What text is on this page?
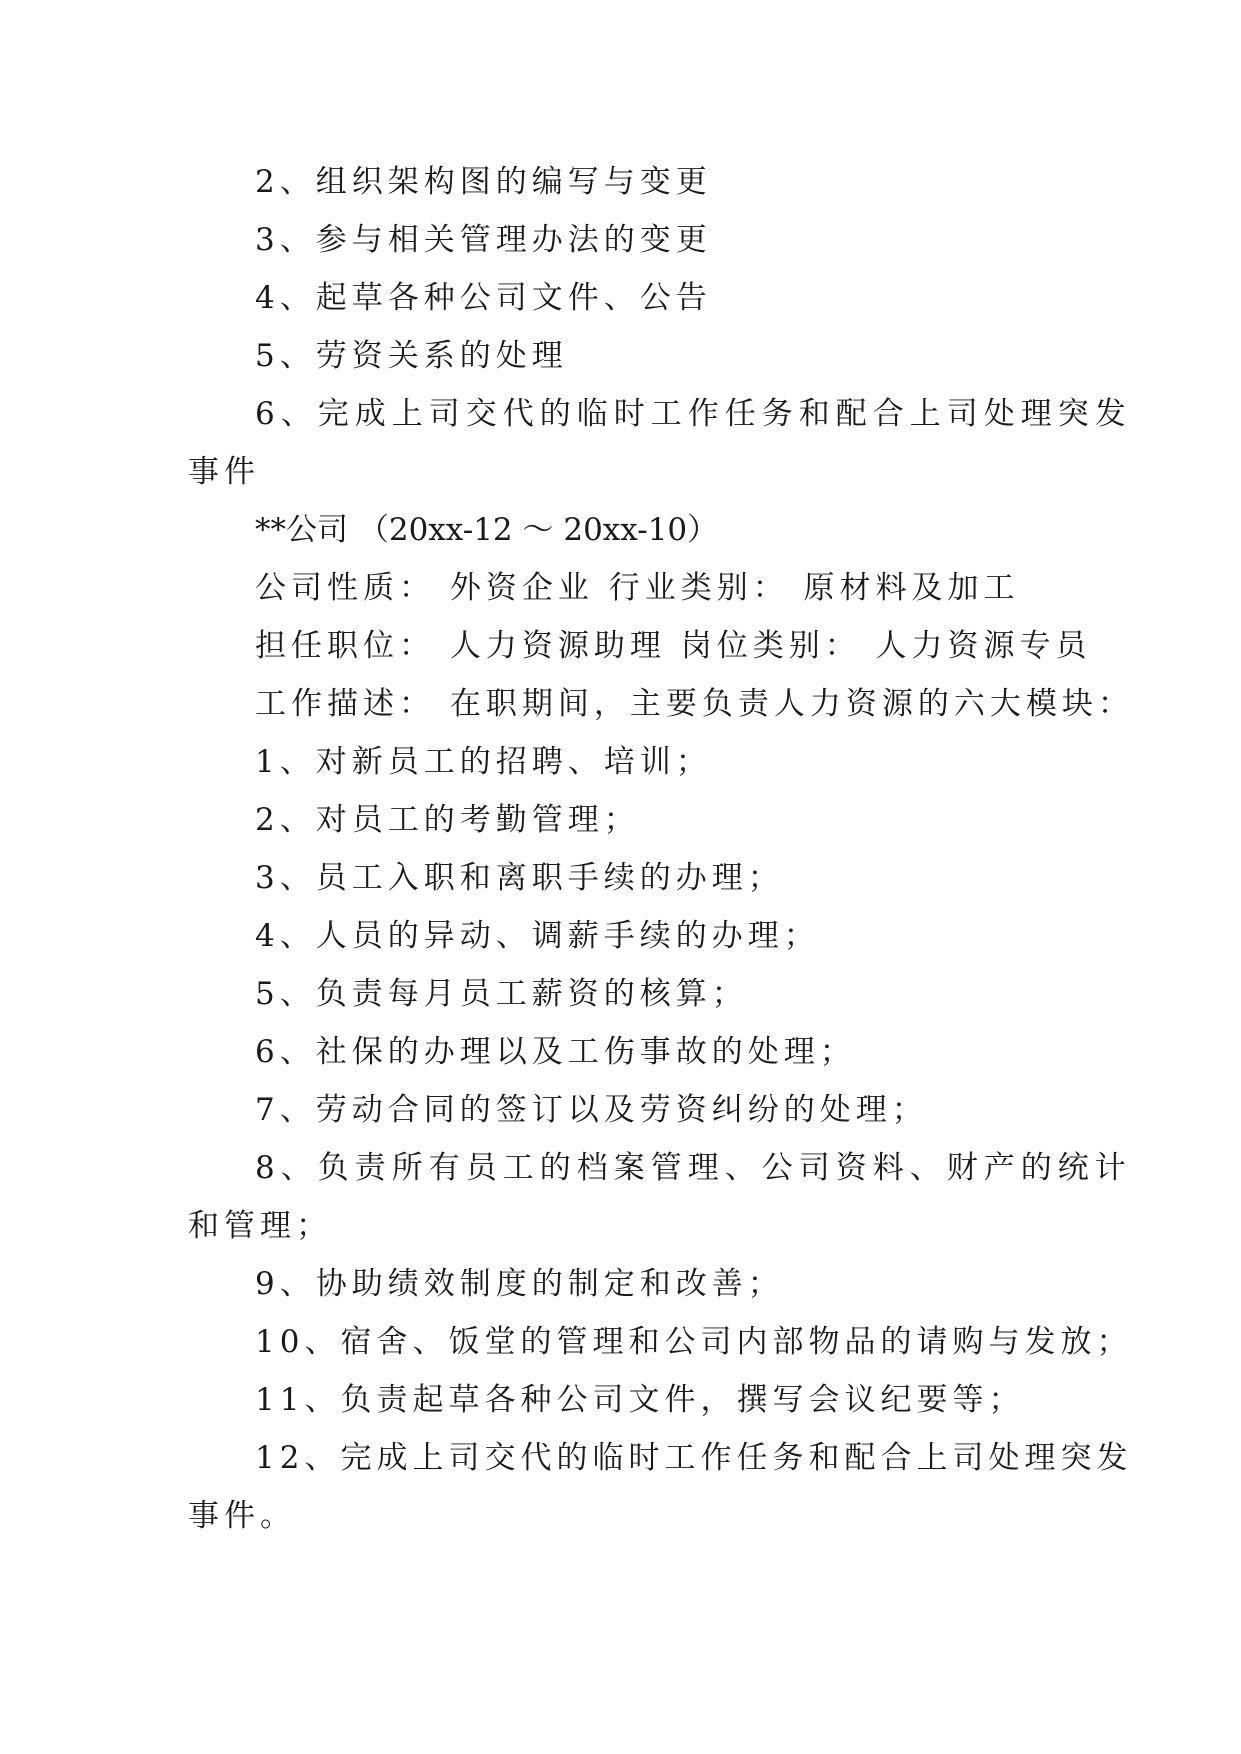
2、组织架构图的编写与变更
3、参与相关管理办法的变更
4、起草各种公司文件、公告
5、劳资关系的处理
6、完成上司交代的临时工作任务和配合上司处理突发
事件
**公司 （20xx-12 ～ 20xx-10）
公司性质： 外资企业 行业类别： 原材料及加工
担任职位： 人力资源助理 岗位类别： 人力资源专员
工作描述： 在职期间，主要负责人力资源的六大模块：
1、对新员工的招聘、培训；
2、对员工的考勤管理；
3、员工入职和离职手续的办理；
4、人员的异动、调薪手续的办理；
5、负责每月员工薪资的核算；
6、社保的办理以及工伤事故的处理；
7、劳动合同的签订以及劳资纠纷的处理；
8、负责所有员工的档案管理、公司资料、财产的统计
和管理；
9、协助绩效制度的制定和改善；
10、宿舍、饭堂的管理和公司内部物品的请购与发放；
11、负责起草各种公司文件，撰写会议纪要等；
12、完成上司交代的临时工作任务和配合上司处理突发
事件。
